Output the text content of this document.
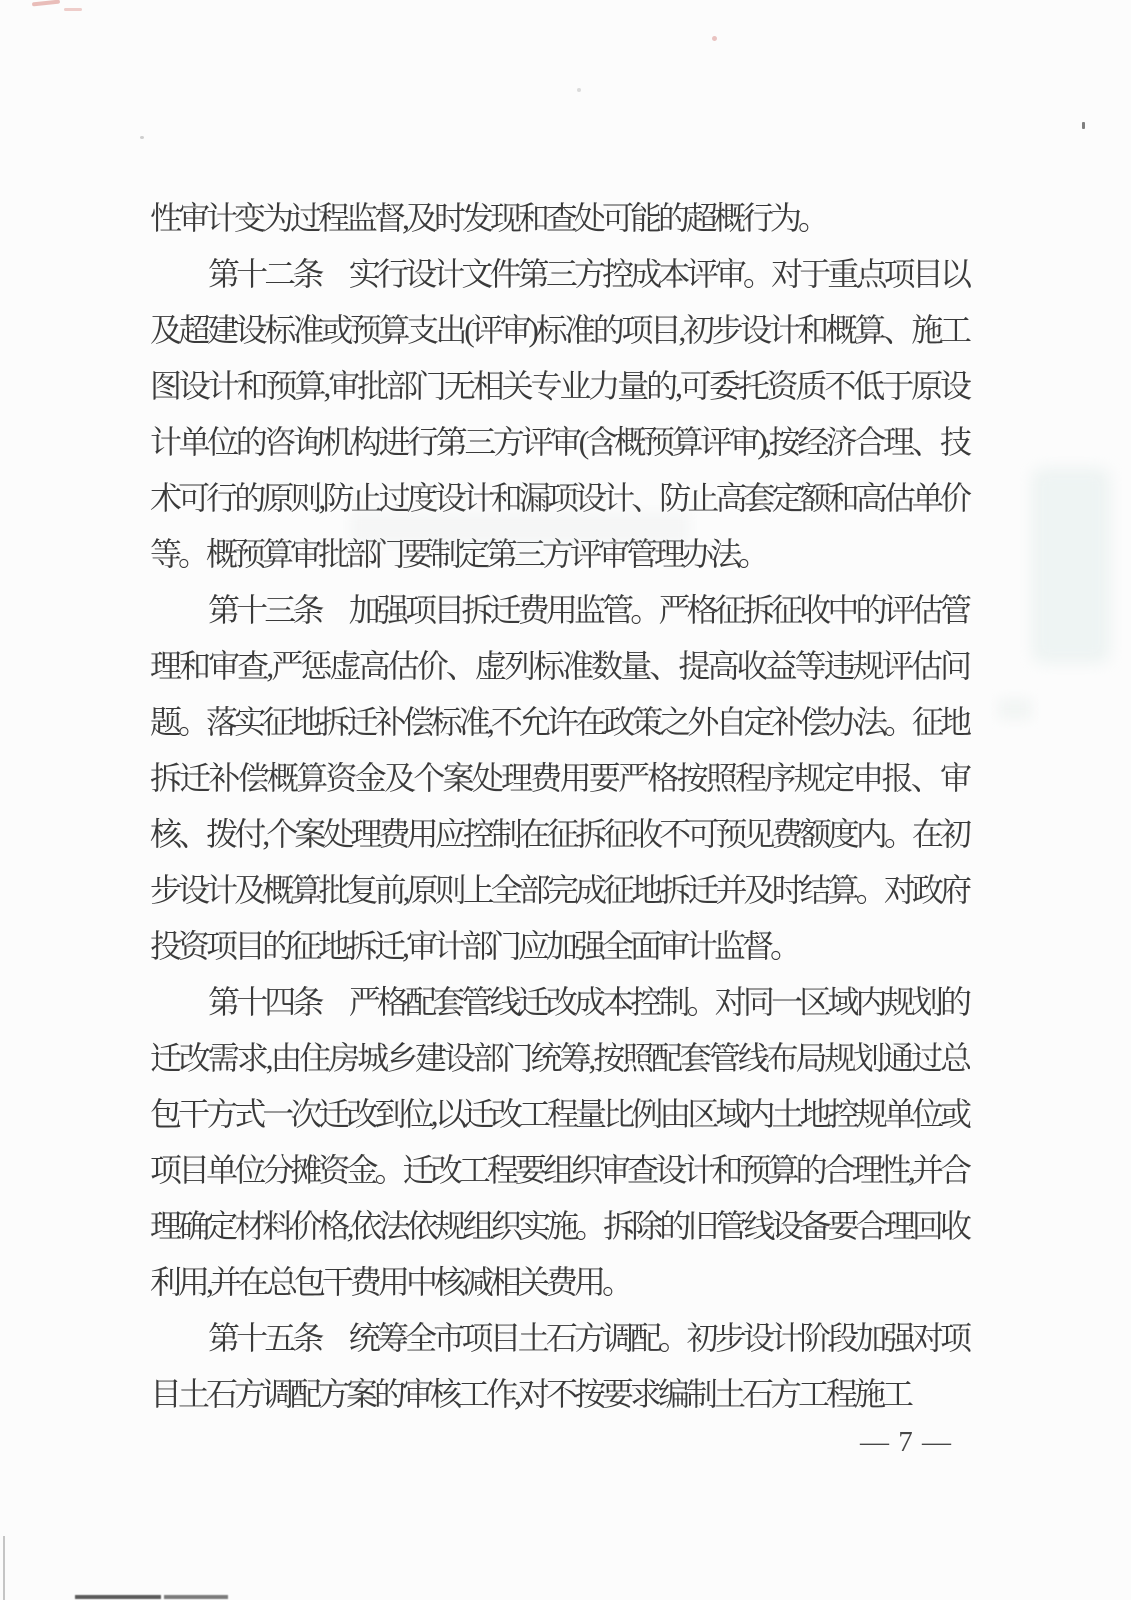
性审计变为过程监督,及时发现和查处可能的超概行为。

第十二条　实行设计文件第三方控成本评审。对于重点项目以及超建设标准或预算支出(评审)标准的项目,初步设计和概算、施工图设计和预算,审批部门无相关专业力量的,可委托资质不低于原设计单位的咨询机构进行第三方评审(含概预算评审),按经济合理、技术可行的原则,防止过度设计和漏项设计、防止高套定额和高估单价等。概预算审批部门要制定第三方评审管理办法。

第十三条　加强项目拆迁费用监管。严格征拆征收中的评估管理和审查,严惩虚高估价、虚列标准数量、提高收益等违规评估问题。落实征地拆迁补偿标准,不允许在政策之外自定补偿办法。征地拆迁补偿概算资金及个案处理费用要严格按照程序规定申报、审核、拨付,个案处理费用应控制在征拆征收不可预见费额度内。在初步设计及概算批复前,原则上全部完成征地拆迁并及时结算。对政府投资项目的征地拆迁,审计部门应加强全面审计监督。

第十四条　严格配套管线迁改成本控制。对同一区域内规划的迁改需求,由住房城乡建设部门统筹,按照配套管线布局规划通过总包干方式一次迁改到位,以迁改工程量比例由区域内土地控规单位或项目单位分摊资金。迁改工程要组织审查设计和预算的合理性,并合理确定材料价格,依法依规组织实施。拆除的旧管线设备要合理回收利用,并在总包干费用中核减相关费用。

第十五条　统筹全市项目土石方调配。初步设计阶段加强对项目土石方调配方案的审核工作,对不按要求编制土石方工程施工

— 7 —
